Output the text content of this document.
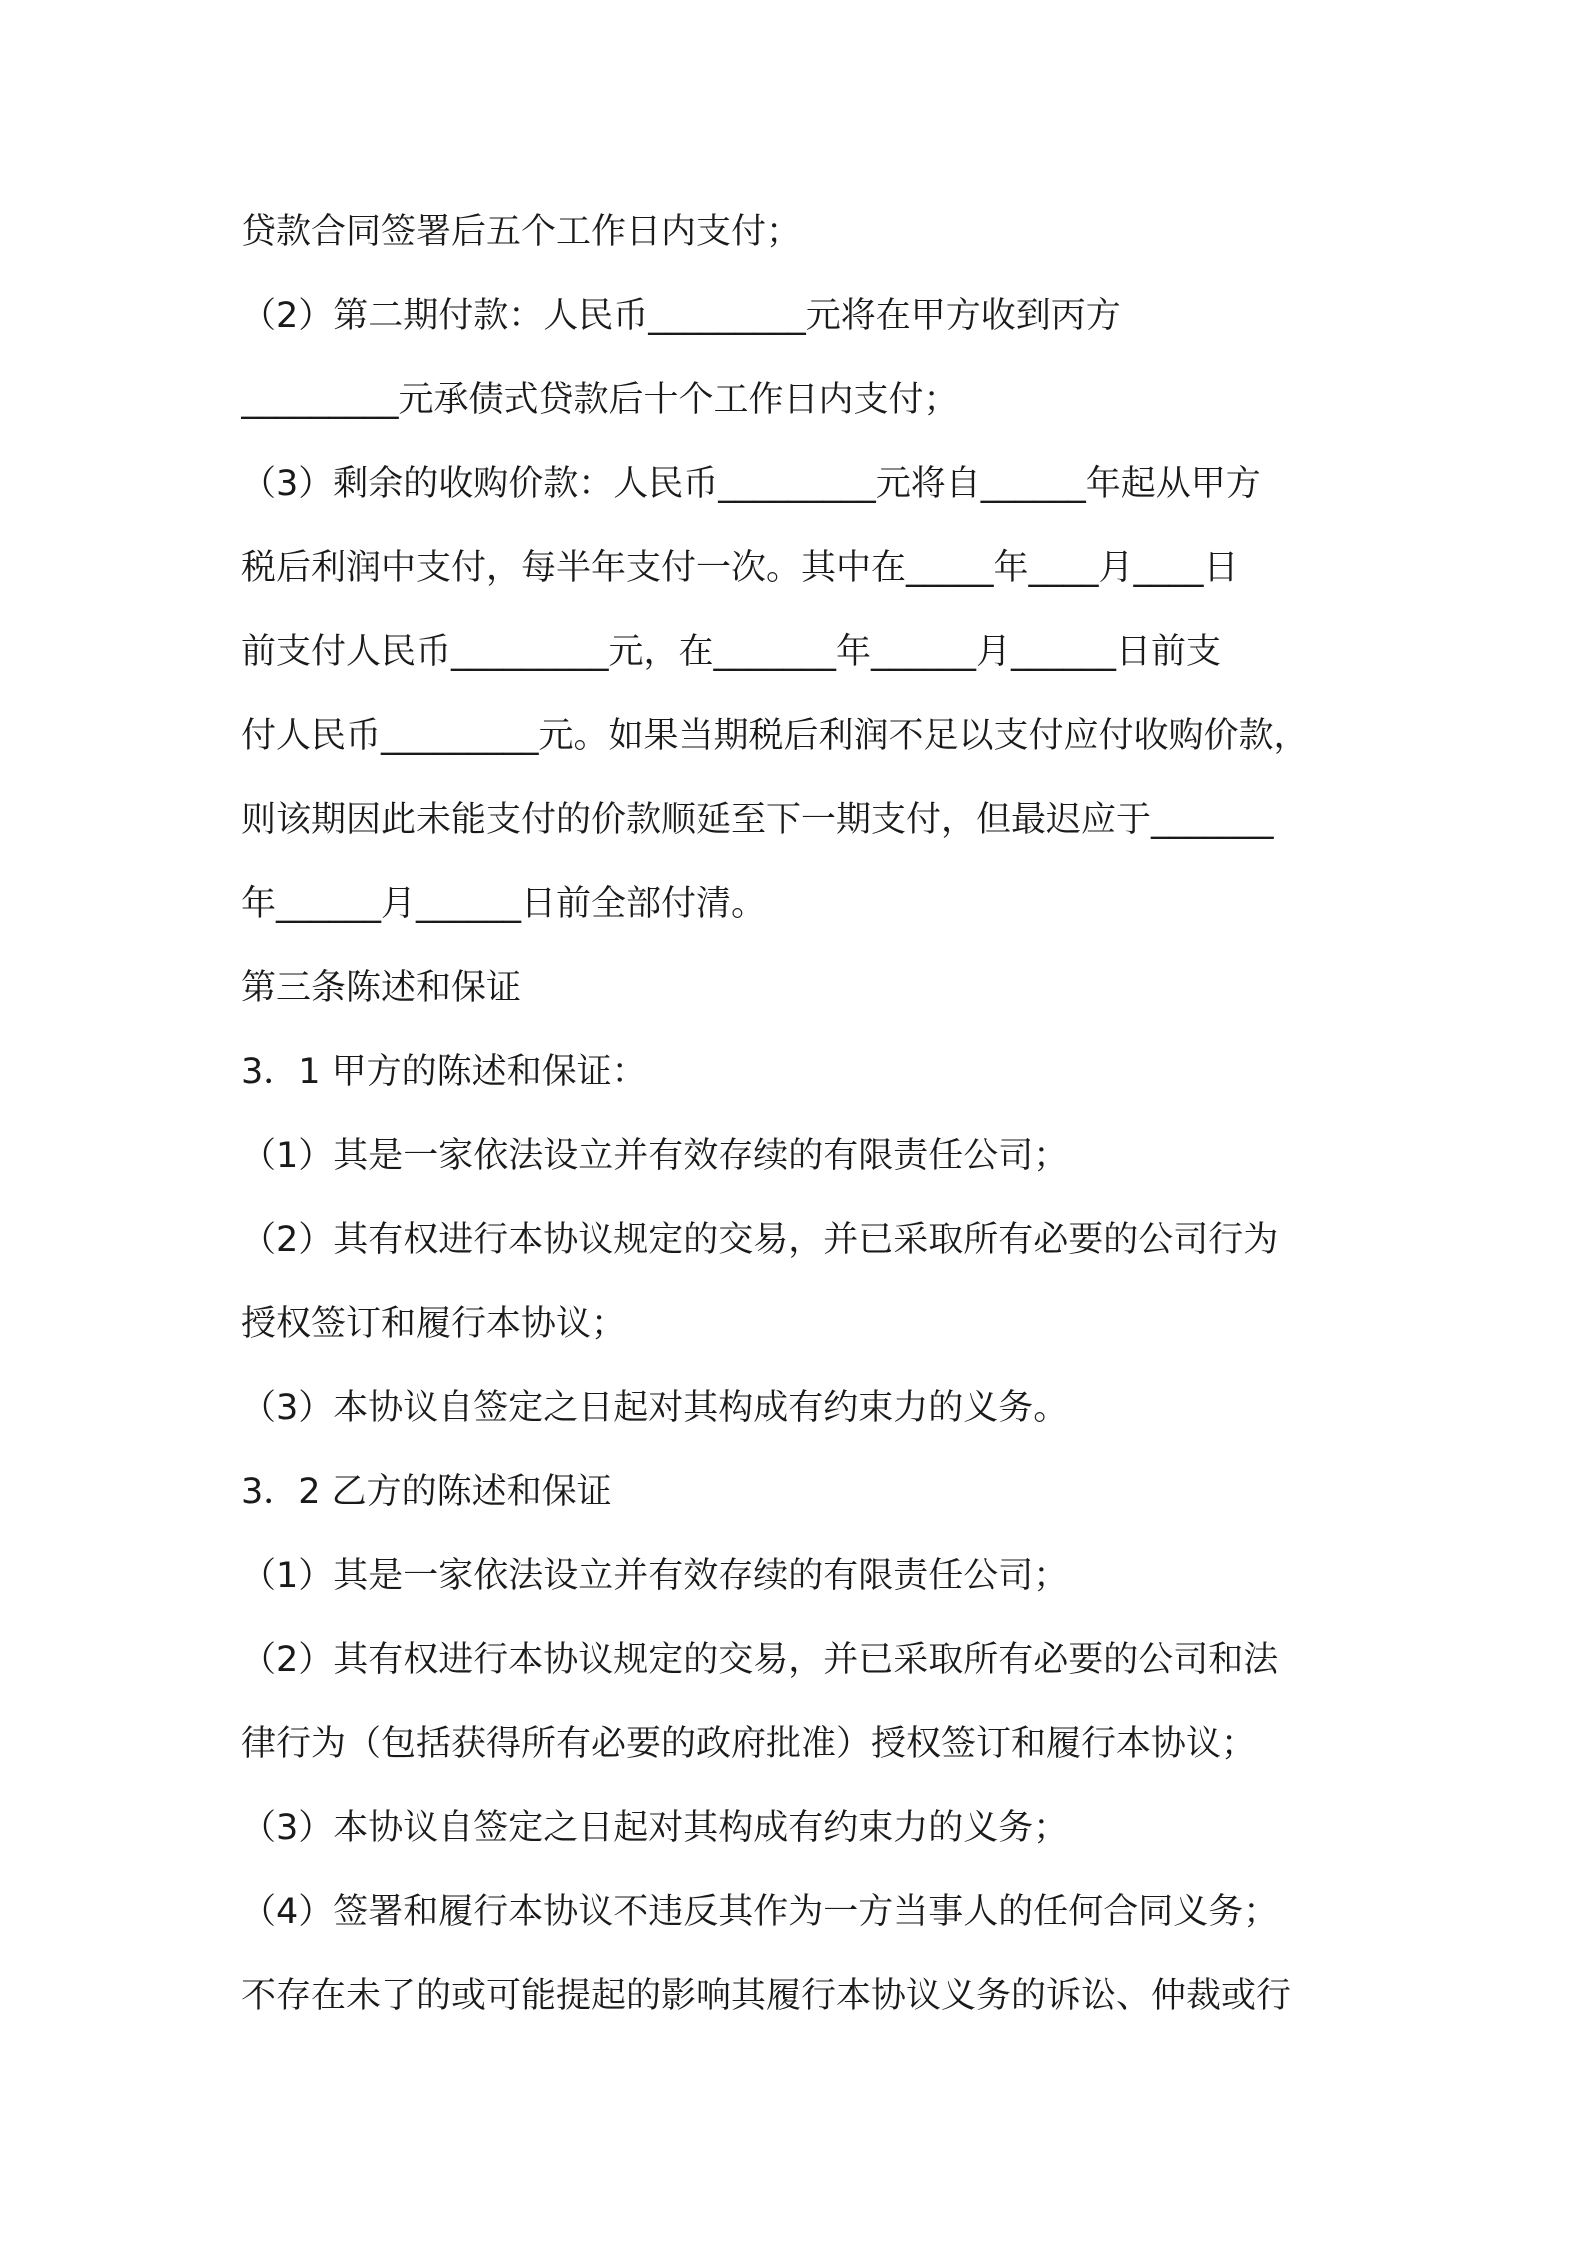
贷款合同签署后五个工作日内支付；
（2）第二期付款：人民币_________元将在甲方收到丙方
_________元承债式贷款后十个工作日内支付；
（3）剩余的收购价款：人民币_________元将自______年起从甲方
税后利润中支付，每半年支付一次。其中在_____年____月____日
前支付人民币_________元，在_______年______月______日前支
付人民币_________元。如果当期税后利润不足以支付应付收购价款，
则该期因此未能支付的价款顺延至下一期支付，但最迟应于_______
年______月______日前全部付清。
第三条陈述和保证
3．1 甲方的陈述和保证：
（1）其是一家依法设立并有效存续的有限责任公司；
（2）其有权进行本协议规定的交易，并已采取所有必要的公司行为
授权签订和履行本协议；
（3）本协议自签定之日起对其构成有约束力的义务。
3．2 乙方的陈述和保证
（1）其是一家依法设立并有效存续的有限责任公司；
（2）其有权进行本协议规定的交易，并已采取所有必要的公司和法
律行为（包括获得所有必要的政府批准）授权签订和履行本协议；
（3）本协议自签定之日起对其构成有约束力的义务；
（4）签署和履行本协议不违反其作为一方当事人的任何合同义务；
不存在未了的或可能提起的影响其履行本协议义务的诉讼、仲裁或行
